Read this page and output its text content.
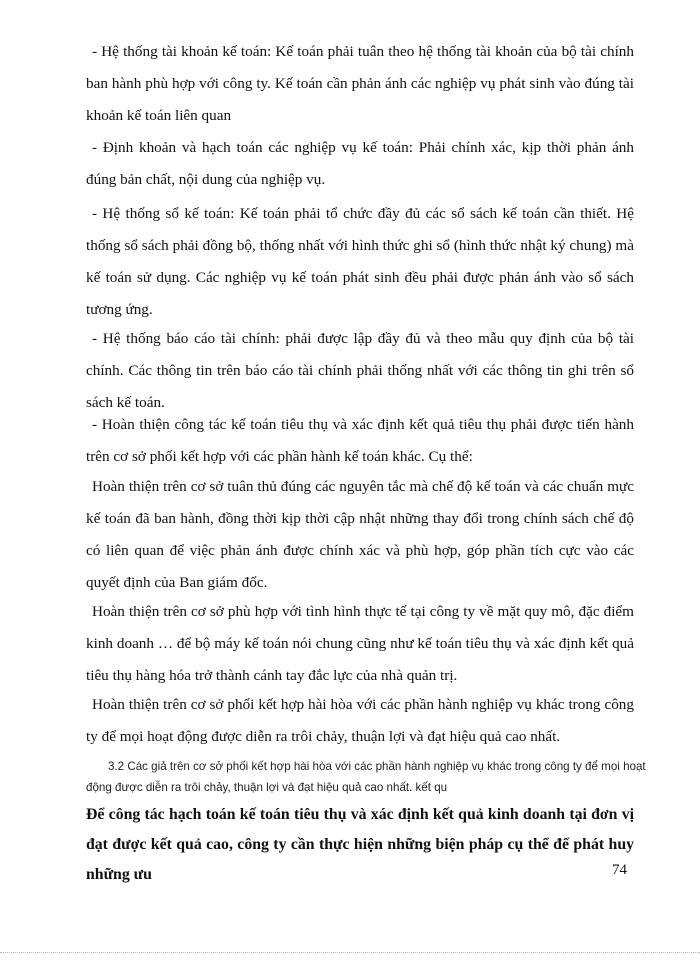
- Hệ thống tài khoản kế toán: Kế toán phải tuân theo hệ thống tài khoản của bộ tài chính ban hành phù hợp với công ty. Kế toán cần phản ánh các nghiệp vụ phát sinh vào đúng tài khoản kế toán liên quan

- Định khoản và hạch toán các nghiệp vụ kế toán: Phải chính xác, kịp thời phản ánh đúng bản chất, nội dung của nghiệp vụ.

- Hệ thống sổ kế toán: Kế toán phải tổ chức đầy đủ các sổ sách kế toán cần thiết. Hệ thống sổ sách phải đồng bộ, thống nhất với hình thức ghi sổ (hình thức nhật ký chung) mà kế toán sử dụng. Các nghiệp vụ kế toán phát sinh đều phải được phản ánh vào sổ sách tương ứng.

- Hệ thống báo cáo tài chính: phải được lập đầy đủ và theo mẫu quy định của bộ tài chính. Các thông tin trên báo cáo tài chính phải thống nhất với các thông tin ghi trên sổ sách kế toán.

- Hoàn thiện công tác kế toán tiêu thụ và xác định kết quả tiêu thụ phải được tiến hành trên cơ sở phối kết hợp với các phần hành kế toán khác. Cụ thể:

Hoàn thiện trên cơ sở tuân thủ đúng các nguyên tắc mà chế độ kế toán và các chuẩn mực kế toán đã ban hành, đồng thời kịp thời cập nhật những thay đổi trong chính sách chế độ có liên quan để việc phản ánh được chính xác và phù hợp, góp phần tích cực vào các quyết định của Ban giám đốc.

Hoàn thiện trên cơ sở phù hợp với tình hình thực tế tại công ty về mặt quy mô, đặc điểm kinh doanh … để bộ máy kế toán nói chung cũng như kế toán tiêu thụ và xác định kết quả tiêu thụ hàng hóa trở thành cánh tay đắc lực của nhà quản trị.

Hoàn thiện trên cơ sở phối kết hợp hài hòa với các phần hành nghiệp vụ khác trong công ty để mọi hoạt động được diễn ra trôi chảy, thuận lợi và đạt hiệu quả cao nhất.

3.2 Các giả trên cơ sở phối kết hợp hài hòa với các phần hành nghiệp vụ khác trong công ty để mọi hoạt động được diễn ra trôi chảy, thuận lợi và đạt hiệu quả cao nhất. kết qu

Để công tác hạch toán kế toán tiêu thụ và xác định kết quả kinh doanh tại đơn vị đạt được kết quả cao, công ty cần thực hiện những biện pháp cụ thể để phát huy những ưu	74
